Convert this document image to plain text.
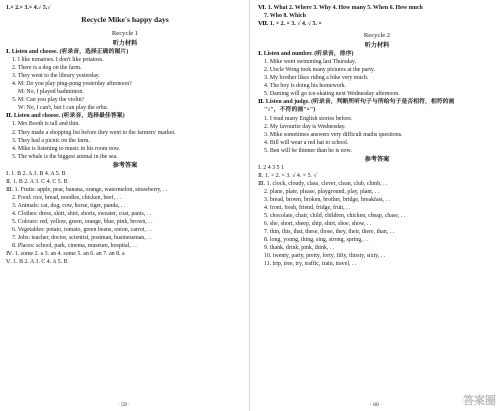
1.× 2.× 3.× 4.√ 5.√
Recycle Mike's happy days
Recycle 1
听力材料
Ⅰ. Listen and choose. (听录音，选择正确的图片)
1. I like tomatoes. I don't like potatoes.
2. There is a dog on the farm.
3. They went to the library yesterday.
4. M: Do you play ping-pong yesterday afternoon?
M: No, I played badminton.
5. M: Can you play the violin?
W: No, I can't, but I can play the erhu.
Ⅱ. Listen and choose. (听录音，选择最佳答案)
1. Mrs Booth is tall and thin.
2. They made a shopping list before they went to the farmers' market.
3. They had a picnic on the farm.
4. Mike is listening to music in his room now.
5. The whale is the biggest animal in the sea.
参考答案
Ⅰ. 1. B 2. A 3. B 4. A 5. B
Ⅱ. 1. B 2. A 3. C 4. C 5. B
Ⅲ. 1. Fruits: apple, pear, banana, orange, watermelon, strawberry, . .
2. Food: rice, bread, noodles, chicken, beef, . .
3. Animals: cat, dog, cow, horse, tiger, panda, . .
4. Clothes: dress, skirt, shirt, shorts, sweater, coat, pants, . .
5. Colours: red, yellow, green, orange, blue, pink, brown, . .
6. Vegetables: potato, tomato, green beans, onion, carrot, . .
7. Jobs: teacher, doctor, scientist, postman, businessman, . .
8. Places: school, park, cinema, museum, hospital, . .
Ⅳ. 1. some 2. a 3. an 4. some 5. an 6. an 7. an 8. a
Ⅴ. 1. B 2. A 3. C 4. A 5. B
· 59 ·
Ⅵ. 1. What 2. Where 3. Why 4. How many 5. When 6. How much
7. Who 8. Which
Ⅶ. 1. × 2. × 3. √ 4. √ 5. ×
Recycle 2
听力材料
Ⅰ. Listen and number. (听录音，排序)
1. Mike went swimming last Thursday.
2. Uncle Wong took many pictures at the party.
3. My brother likes riding a bike very much.
4. The boy is doing his homework.
5. Daming will go ice-skating next Wednesday afternoon.
Ⅱ. Listen and judge. (听录音，判断所听句子与所给句子是否相符，相符的画
"√"，不符的画"×")
1. I read many English stories before.
2. My favourite day is Wednesday.
3. Mike sometimes answers very difficult maths questions.
4. Bill will wear a red hat to school.
5. Ben will be thinner than he is now.
参考答案
Ⅰ. 2 4 3 5 1
Ⅱ. 1. × 2. × 3. √ 4. × 5. √
Ⅲ. 1. clock, cloudy, class, clever, clean, club, climb, . .
2. plane, plate, please, playground, play, plant, . .
3. bread, brown, broken, brother, bridge, breakfast, . .
4. front, fresh, friend, fridge, fruit, . .
5. chocolate, chair, child, children, chicken, cheap, chase, . .
6. she, short, sheep, ship, shirt, shoe, show, . .
7. thin, this, that, these, those, they, their, there, than, . .
8. long, young, thing, sing, strong, spring, . .
9. thank, drink, pink, think, . .
10. twenty, party, pretty, forty, fifty, thirsty, sixty, . .
11. trip, tree, try, traffic, train, travel, . .
· 60 ·	答案圈
